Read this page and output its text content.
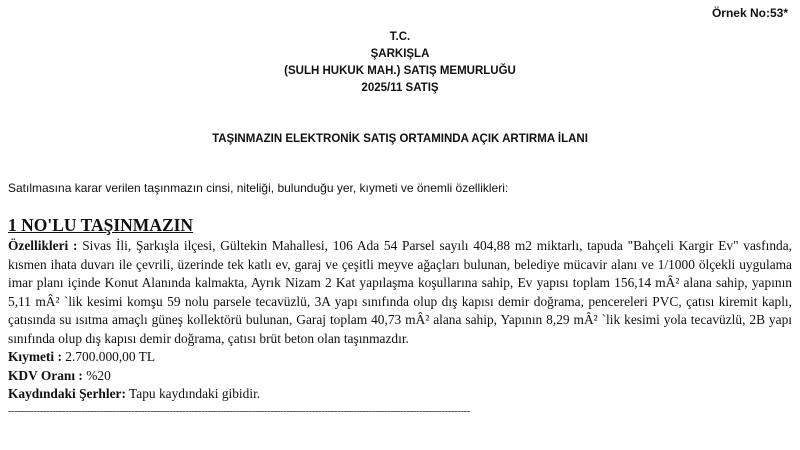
Örnek No:53*
T.C.
ŞARKIŞLA
(SULH HUKUK MAH.) SATIŞ MEMURLUĞU
2025/11 SATIŞ
TAŞINMAZIN ELEKTRONİK SATIŞ ORTAMINDA AÇIK ARTIRMA İLANI
Satılmasına karar verilen taşınmazın cinsi, niteliği, bulunduğu yer, kıymeti ve önemli özellikleri:
1 NO'LU TAŞINMAZIN
Özellikleri : Sivas İli, Şarkışla ilçesi, Gültekin Mahallesi, 106 Ada 54 Parsel sayılı 404,88 m2 miktarlı, tapuda "Bahçeli Kargir Ev" vasfında, kısmen ihata duvarı ile çevrili, üzerinde tek katlı ev, garaj ve çeşitli meyve ağaçları bulunan, belediye mücavir alanı ve 1/1000 ölçekli uygulama imar planı içinde Konut Alanında kalmakta, Ayrık Nizam 2 Kat yapılaşma koşullarına sahip, Ev yapısı toplam 156,14 mÂ² alana sahip, yapının 5,11 mÂ² `lik kesimi komşu 59 nolu parsele tecavüzlü, 3A yapı sınıfında olup dış kapısı demir doğrama, pencereleri PVC, çatısı kiremit kaplı, çatısında su ısıtma amaçlı güneş kollektörü bulunan, Garaj toplam 40,73 mÂ² alana sahip, Yapının 8,29 mÂ² `lik kesimi yola tecavüzlü, 2B yapı sınıfında olup dış kapısı demir doğrama, çatısı brüt beton olan taşınmazdır.
Kıymeti : 2.700.000,00 TL
KDV Oranı : %20
Kaydındaki Şerhler: Tapu kaydındaki gibidir.
--------------------------------------------------------------------------------------------------------------------------------------------------
